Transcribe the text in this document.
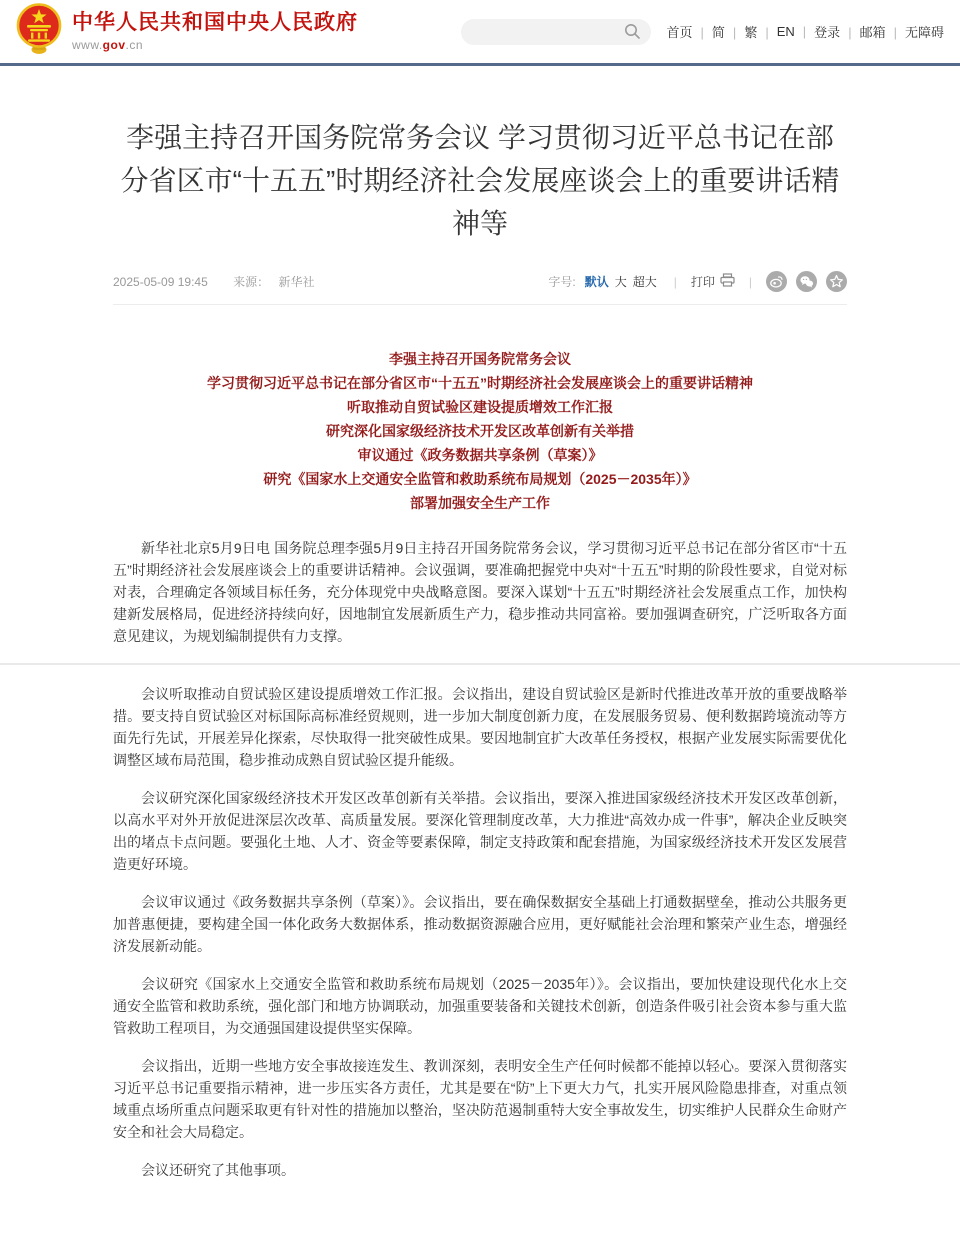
中华人民共和国中央人民政府
www.gov.cn
首页 |	简 |	繁 |	EN |	登录 |	邮箱 |	无障碍
李强主持召开国务院常务会议 学习贯彻习近平总书记在部分省区市“十五五”时期经济社会发展座谈会上的重要讲话精神等
2025-05-09 19:45 来源： 新华社	字号: 默认 大 超大 | 打印	|
李强主持召开国务院常务会议
学习贯彻习近平总书记在部分省区市“十五五”时期经济社会发展座谈会上的重要讲话精神
听取推动自贸试验区建设提质增效工作汇报
研究深化国家级经济技术开发区改革创新有关举措
审议通过《政务数据共享条例（草案）》
研究《国家水上交通安全监管和救助系统布局规划（2025－2035年）》
部署加强安全生产工作

新华社北京5月9日电 国务院总理李强5月9日主持召开国务院常务会议，学习贯彻习近平总书记在部分省区市“十五五”时期经济社会发展座谈会上的重要讲话精神。会议强调，要准确把握党中央对“十五五”时期的阶段性要求，自觉对标对表，合理确定各领域目标任务，充分体现党中央战略意图。要深入谋划“十五五”时期经济社会发展重点工作，加快构建新发展格局，促进经济持续向好，因地制宜发展新质生产力，稳步推动共同富裕。要加强调查研究，广泛听取各方面意见建议，为规划编制提供有力支撑。

会议听取推动自贸试验区建设提质增效工作汇报。会议指出，建设自贸试验区是新时代推进改革开放的重要战略举措。要支持自贸试验区对标国际高标准经贸规则，进一步加大制度创新力度，在发展服务贸易、便利数据跨境流动等方面先行先试，开展差异化探索，尽快取得一批突破性成果。要因地制宜扩大改革任务授权，根据产业发展实际需要优化调整区域布局范围，稳步推动成熟自贸试验区提升能级。

会议研究深化国家级经济技术开发区改革创新有关举措。会议指出，要深入推进国家级经济技术开发区改革创新，以高水平对外开放促进深层次改革、高质量发展。要深化管理制度改革，大力推进“高效办成一件事”，解决企业反映突出的堵点卡点问题。要强化土地、人才、资金等要素保障，制定支持政策和配套措施，为国家级经济技术开发区发展营造更好环境。

会议审议通过《政务数据共享条例（草案）》。会议指出，要在确保数据安全基础上打通数据壁垒，推动公共服务更加普惠便捷，要构建全国一体化政务大数据体系，推动数据资源融合应用，更好赋能社会治理和繁荣产业生态，增强经济发展新动能。

会议研究《国家水上交通安全监管和救助系统布局规划（2025－2035年）》。会议指出，要加快建设现代化水上交通安全监管和救助系统，强化部门和地方协调联动，加强重要装备和关键技术创新，创造条件吸引社会资本参与重大监管救助工程项目，为交通强国建设提供坚实保障。

会议指出，近期一些地方安全事故接连发生、教训深刻，表明安全生产任何时候都不能掉以轻心。要深入贯彻落实习近平总书记重要指示精神，进一步压实各方责任，尤其是要在“防”上下更大力气，扎实开展风险隐患排查，对重点领域重点场所重点问题采取更有针对性的措施加以整治，坚决防范遏制重特大安全事故发生，切实维护人民群众生命财产安全和社会大局稳定。

会议还研究了其他事项。
